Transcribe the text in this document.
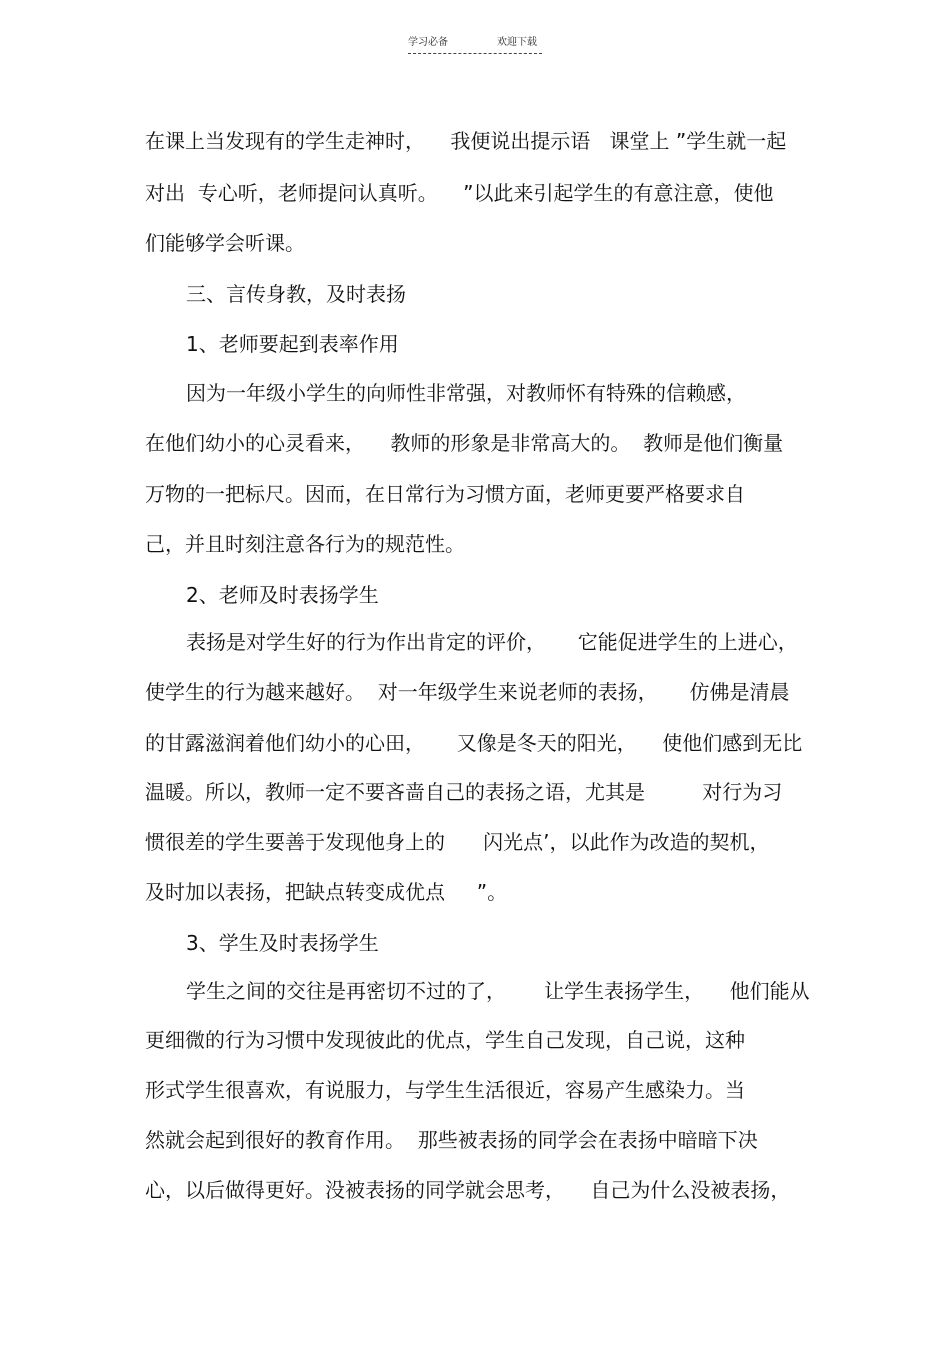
学习必备	欢迎下载
在课上当发现有的学生走神时，    我便说出提示语   课堂上 ”学生就一起
对出  专心听，老师提问认真听。    ”以此来引起学生的有意注意，使他
们能够学会听课。
三、言传身教，及时表扬
1、老师要起到表率作用
因为一年级小学生的向师性非常强，对教师怀有特殊的信赖感，
在他们幼小的心灵看来，    教师的形象是非常高大的。  教师是他们衡量
万物的一把标尺。因而，在日常行为习惯方面，老师更要严格要求自
己，并且时刻注意各行为的规范性。
2、老师及时表扬学生
表扬是对学生好的行为作出肯定的评价，     它能促进学生的上进心，
使学生的行为越来越好。  对一年级学生来说老师的表扬，     仿佛是清晨
的甘露滋润着他们幼小的心田，     又像是冬天的阳光，    使他们感到无比
温暖。所以，教师一定不要吝啬自己的表扬之语，尤其是         对行为习
惯很差的学生要善于发现他身上的      闪光点’，以此作为改造的契机，
及时加以表扬，把缺点转变成优点     ”。
3、学生及时表扬学生
学生之间的交往是再密切不过的了，      让学生表扬学生，    他们能从
更细微的行为习惯中发现彼此的优点，学生自己发现，自己说，这种
形式学生很喜欢，有说服力，与学生生活很近，容易产生感染力。当
然就会起到很好的教育作用。  那些被表扬的同学会在表扬中暗暗下决
心，以后做得更好。没被表扬的同学就会思考，    自己为什么没被表扬，
